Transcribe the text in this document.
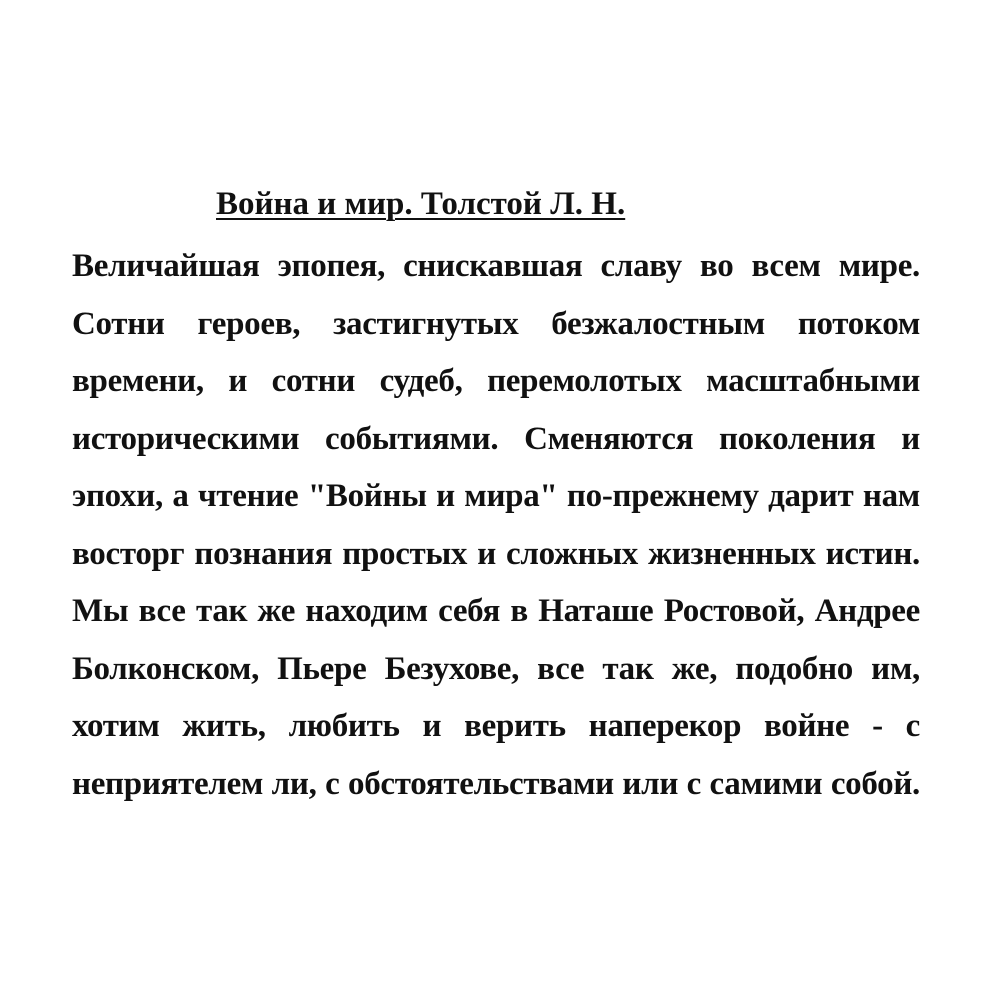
Война и мир. Толстой Л. Н.
Величайшая эпопея, снискавшая славу во всем мире.
Сотни героев, застигнутых безжалостным потоком
времени, и сотни судеб, перемолотых масштабными
историческими событиями. Сменяются поколения и
эпохи, а чтение "Войны и мира" по-прежнему дарит нам
восторг познания простых и сложных жизненных истин.
Мы все так же находим себя в Наташе Ростовой, Андрее
Болконском, Пьере Безухове, все так же, подобно им,
хотим жить, любить и верить наперекор войне - с
неприятелем ли, с обстоятельствами или с самими собой.
